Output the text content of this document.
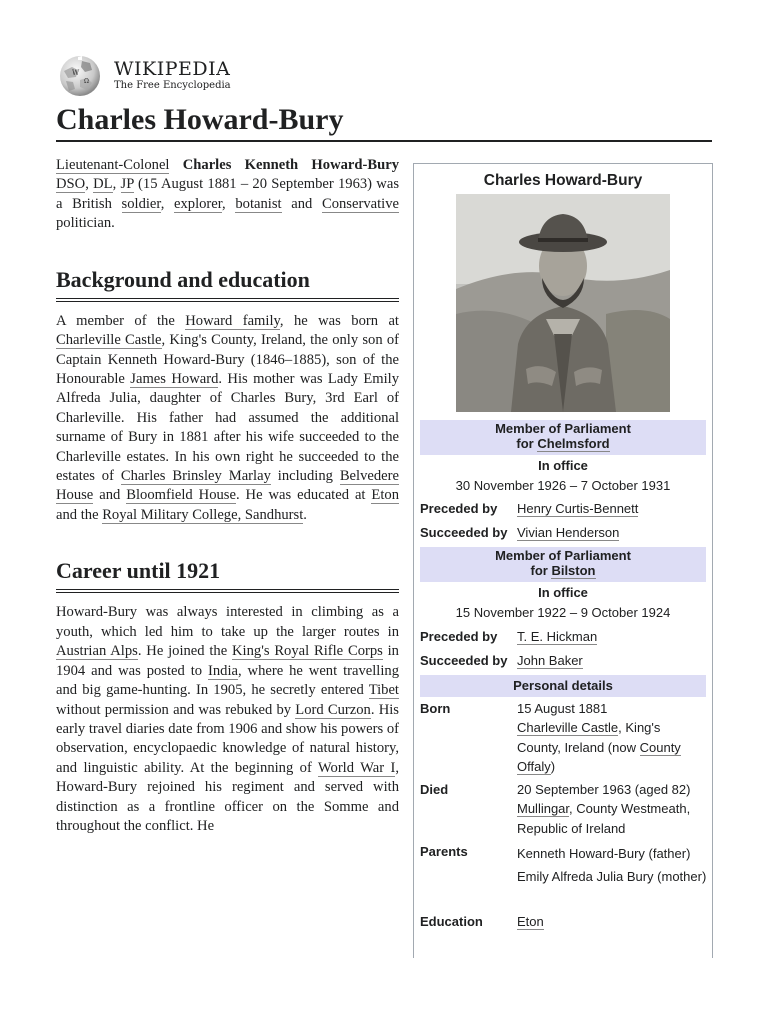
W
Ω
WIKIPEDIA
The Free Encyclopedia
Charles Howard-Bury

Lieutenant-Colonel Charles Kenneth Howard-Bury DSO, DL, JP (15 August 1881 – 20 September 1963) was a British soldier, explorer, botanist and Conservative politician.

Background and education

A member of the Howard family, he was born at Charleville Castle, King's County, Ireland, the only son of Captain Kenneth Howard-Bury (1846–1885), son of the Honourable James Howard. His mother was Lady Emily Alfreda Julia, daughter of Charles Bury, 3rd Earl of Charleville. His father had assumed the additional surname of Bury in 1881 after his wife succeeded to the Charleville estates. In his own right he succeeded to the estates of Charles Brinsley Marlay including Belvedere House and Bloomfield House. He was educated at Eton and the Royal Military College, Sandhurst.

Career until 1921

Howard-Bury was always interested in climbing as a youth, which led him to take up the larger routes in Austrian Alps. He joined the King's Royal Rifle Corps in 1904 and was posted to India, where he went travelling and big game-hunting. In 1905, he secretly entered Tibet without permission and was rebuked by Lord Curzon. His early travel diaries date from 1906 and show his powers of observation, encyclopaedic knowledge of natural history, and linguistic ability. At the beginning of World War I, Howard-Bury rejoined his regiment and served with distinction as a frontline officer on the Somme and throughout the conflict. He

Charles Howard-Bury
Member of Parliament
for Chelmsford
In office
30 November 1926 – 7 October 1931
Preceded by Henry Curtis-Bennett
Succeeded by Vivian Henderson
Member of Parliament
for Bilston
In office
15 November 1922 – 9 October 1924
Preceded by T. E. Hickman
Succeeded by John Baker
Personal details
Born	15 August 1881
Charleville Castle, King's County, Ireland (now County Offaly)
Died	20 September 1963 (aged 82)
Mullingar, County Westmeath, Republic of Ireland
Parents	Kenneth Howard-Bury (father)
Emily Alfreda Julia Bury (mother)
Education	Eton
